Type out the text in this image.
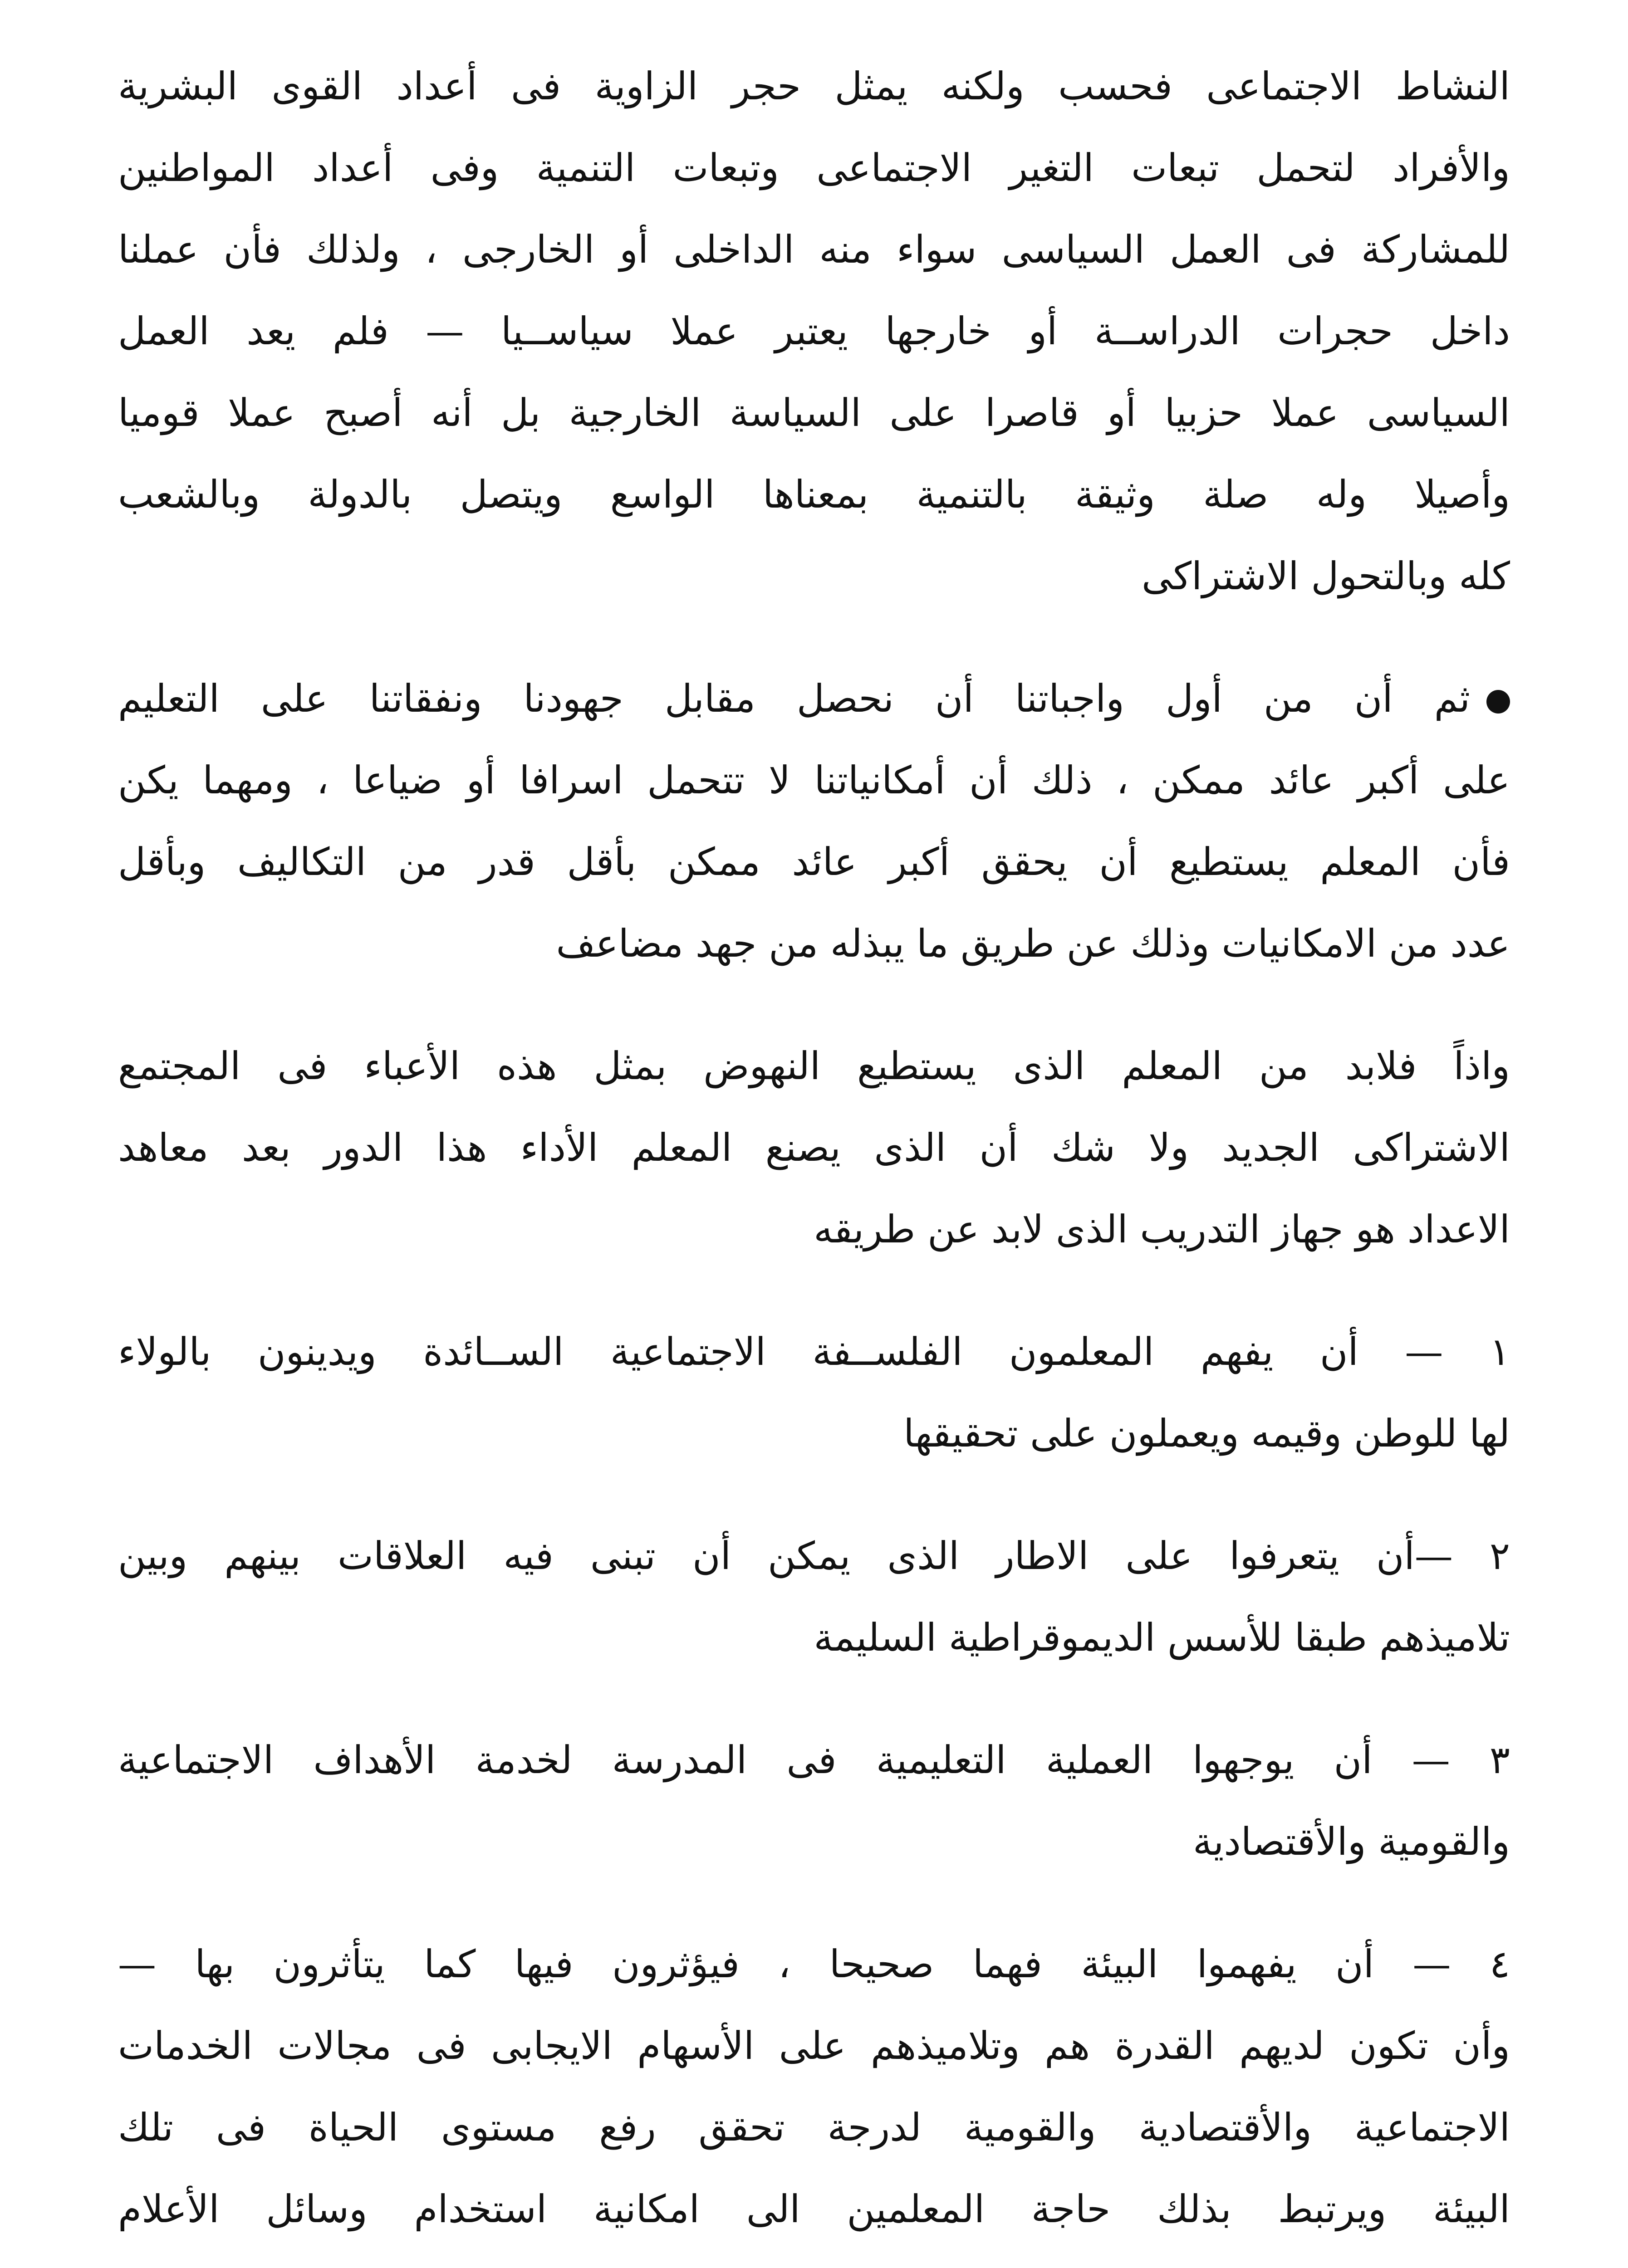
النشاط الاجتماعى فحسب ولكنه يمثل حجر الزاوية فى أعداد القوى البشرية
والأفراد لتحمل تبعات التغير الاجتماعى وتبعات التنمية وفى أعداد المواطنين
للمشاركة فى العمل السياسى سواء منه الداخلى أو الخارجى ، ولذلك فأن عملنا
داخل حجرات الدراســة أو خارجها يعتبر عملا سياســيا — فلم يعد العمل
السياسى عملا حزبيا أو قاصرا على السياسة الخارجية بل أنه أصبح عملا قوميا
وأصيلا وله صلة وثيقة بالتنمية بمعناها الواسع ويتصل بالدولة وبالشعب
كله وبالتحول الاشتراكى
ثم أن من أول واجباتنا أن نحصل مقابل جهودنا ونفقاتنا على التعليم
على أكبر عائد ممكن ، ذلك أن أمكانياتنا لا تتحمل اسرافا أو ضياعا ، ومهما يكن
فأن المعلم يستطيع أن يحقق أكبر عائد ممكن بأقل قدر من التكاليف وبأقل
عدد من الامكانيات وذلك عن طريق ما يبذله من جهد مضاعف
واذاً فلابد من المعلم الذى يستطيع النهوض بمثل هذه الأعباء فى المجتمع
الاشتراكى الجديد ولا شك أن الذى يصنع المعلم الأداء هذا الدور بعد معاهد
الاعداد هو جهاز التدريب الذى لابد عن طريقه
١ — أن يفهم المعلمون الفلســفة الاجتماعية الســائدة ويدينون بالولاء
لها للوطن وقيمه ويعملون على تحقيقها
٢ —أن يتعرفوا على الاطار الذى يمكن أن تبنى فيه العلاقات بينهم وبين
تلاميذهم طبقا للأسس الديموقراطية السليمة
٣ — أن يوجهوا العملية التعليمية فى المدرسة لخدمة الأهداف الاجتماعية
والقومية والأقتصادية
٤ — أن يفهموا البيئة فهما صحيحا ، فيؤثرون فيها كما يتأثرون بها —
وأن تكون لديهم القدرة هم وتلاميذهم على الأسهام الايجابى فى مجالات الخدمات
الاجتماعية والأقتصادية والقومية لدرجة تحقق رفع مستوى الحياة فى تلك
البيئة ويرتبط بذلك حاجة المعلمين الى امكانية استخدام وسائل الأعلام
